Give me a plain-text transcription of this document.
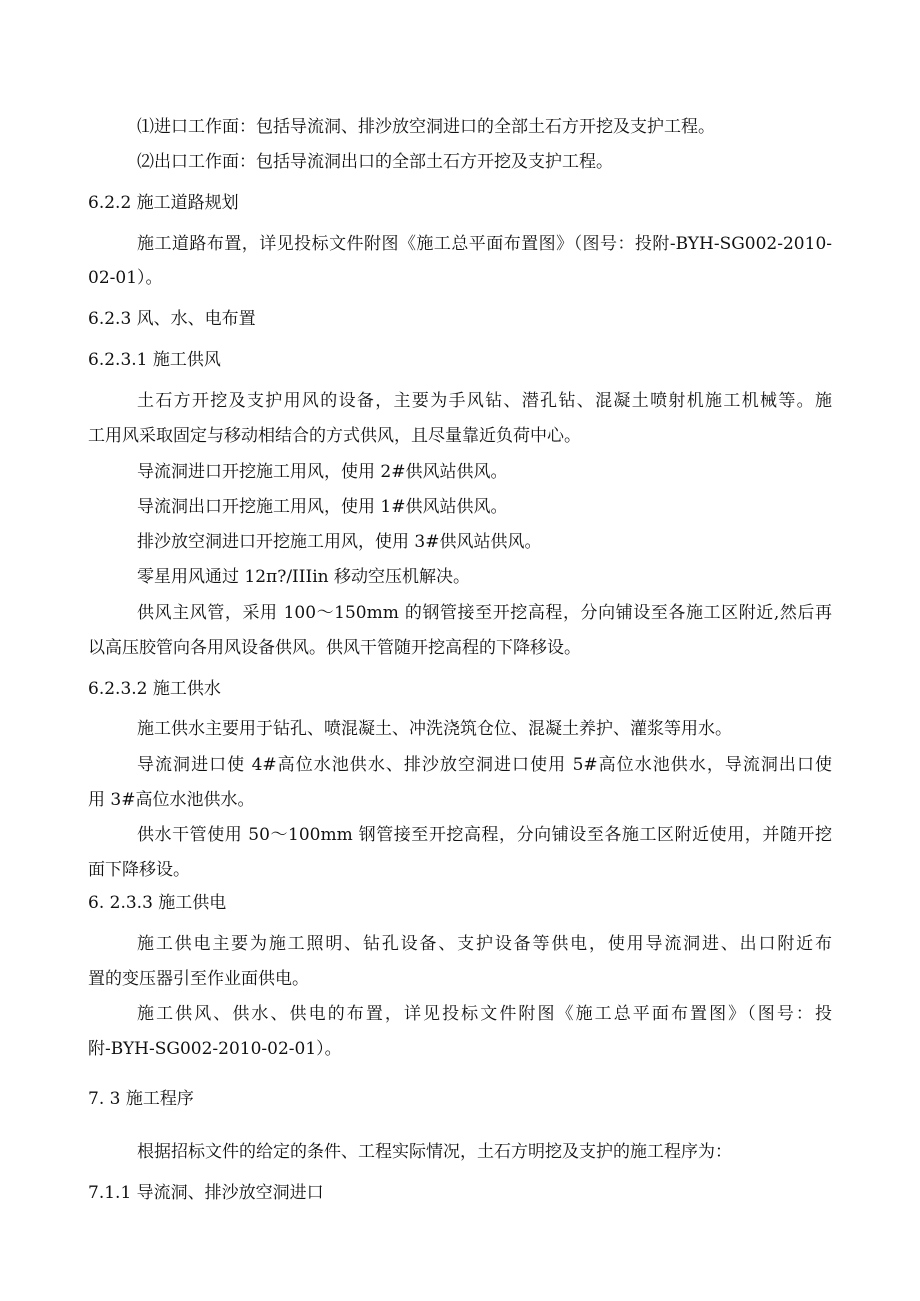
⑴进口工作面：包括导流洞、排沙放空洞进口的全部土石方开挖及支护工程。
⑵出口工作面：包括导流洞出口的全部土石方开挖及支护工程。
6.2.2 施工道路规划
施工道路布置，详见投标文件附图《施工总平面布置图》（图号：投附-BYH-SG002-2010-
02-01）。
6.2.3 风、水、电布置
6.2.3.1 施工供风
土石方开挖及支护用风的设备，主要为手风钻、潜孔钻、混凝土喷射机施工机械等。施
工用风采取固定与移动相结合的方式供风，且尽量靠近负荷中心。
导流洞进口开挖施工用风，使用 2#供风站供风。
导流洞出口开挖施工用风，使用 1#供风站供风。
排沙放空洞进口开挖施工用风，使用 3#供风站供风。
零星用风通过 12π?/IIIin 移动空压机解决。
供风主风管，采用 100～150mm 的钢管接至开挖高程，分向铺设至各施工区附近,然后再
以高压胶管向各用风设备供风。供风干管随开挖高程的下降移设。
6.2.3.2 施工供水
施工供水主要用于钻孔、喷混凝土、冲洗浇筑仓位、混凝土养护、灌浆等用水。
导流洞进口使 4#高位水池供水、排沙放空洞进口使用 5#高位水池供水，导流洞出口使
用 3#高位水池供水。
供水干管使用 50～100mm 钢管接至开挖高程，分向铺设至各施工区附近使用，并随开挖
面下降移设。
6. 2.3.3 施工供电
施工供电主要为施工照明、钻孔设备、支护设备等供电，使用导流洞进、出口附近布
置的变压器引至作业面供电。
施工供风、供水、供电的布置，详见投标文件附图《施工总平面布置图》（图号：投
附-BYH-SG002-2010-02-01）。
7. 3 施工程序
根据招标文件的给定的条件、工程实际情况，土石方明挖及支护的施工程序为：
7.1.1 导流洞、排沙放空洞进口
